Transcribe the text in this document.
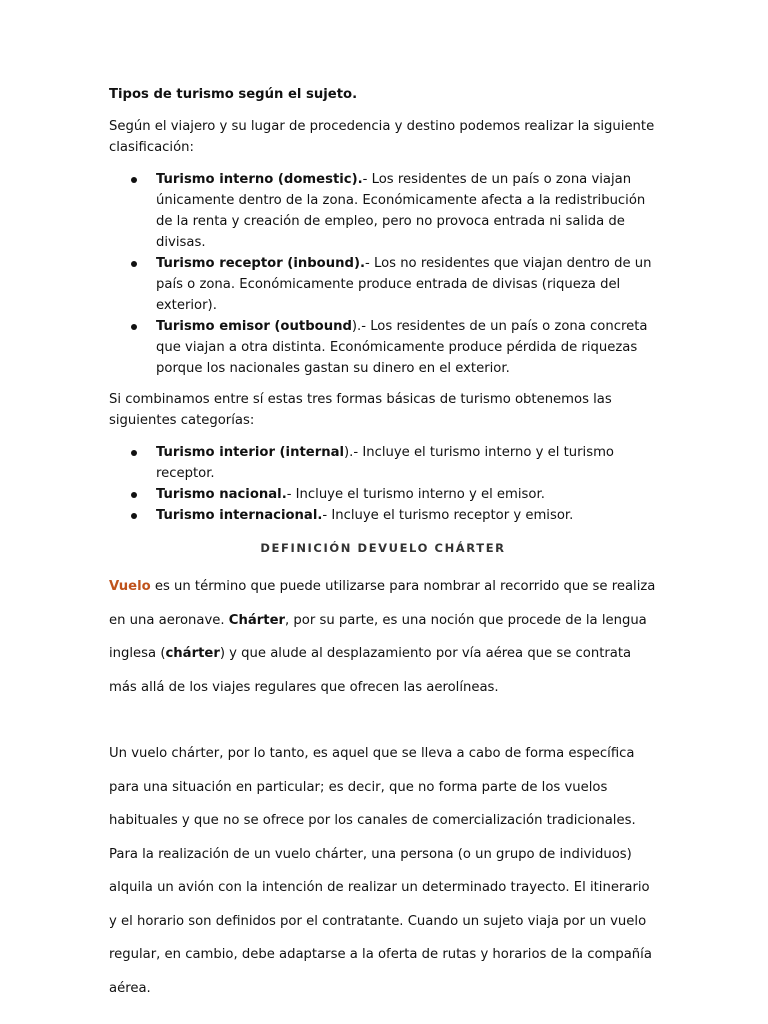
Tipos de turismo según el sujeto.

Según el viajero y su lugar de procedencia y destino podemos realizar la siguiente clasificación:

Turismo interno (domestic).- Los residentes de un país o zona viajan únicamente dentro de la zona. Económicamente afecta a la redistribución de la renta y creación de empleo, pero no provoca entrada ni salida de divisas.
Turismo receptor (inbound).- Los no residentes que viajan dentro de un país o zona. Económicamente produce entrada de divisas (riqueza del exterior).
Turismo emisor (outbound).- Los residentes de un país o zona concreta que viajan a otra distinta. Económicamente produce pérdida de riquezas porque los nacionales gastan su dinero en el exterior.

Si combinamos entre sí estas tres formas básicas de turismo obtenemos las siguientes categorías:

Turismo interior (internal).- Incluye el turismo interno y el turismo receptor.
Turismo nacional.- Incluye el turismo interno y el emisor.
Turismo internacional.- Incluye el turismo receptor y emisor.

DEFINICIÓN DEVUELO CHÁRTER

Vuelo es un término que puede utilizarse para nombrar al recorrido que se realiza en una aeronave. Chárter, por su parte, es una noción que procede de la lengua inglesa (chárter) y que alude al desplazamiento por vía aérea que se contrata más allá de los viajes regulares que ofrecen las aerolíneas.

Un vuelo chárter, por lo tanto, es aquel que se lleva a cabo de forma específica para una situación en particular; es decir, que no forma parte de los vuelos habituales y que no se ofrece por los canales de comercialización tradicionales.

Para la realización de un vuelo chárter, una persona (o un grupo de individuos) alquila un avión con la intención de realizar un determinado trayecto. El itinerario y el horario son definidos por el contratante. Cuando un sujeto viaja por un vuelo regular, en cambio, debe adaptarse a la oferta de rutas y horarios de la compañía aérea.
